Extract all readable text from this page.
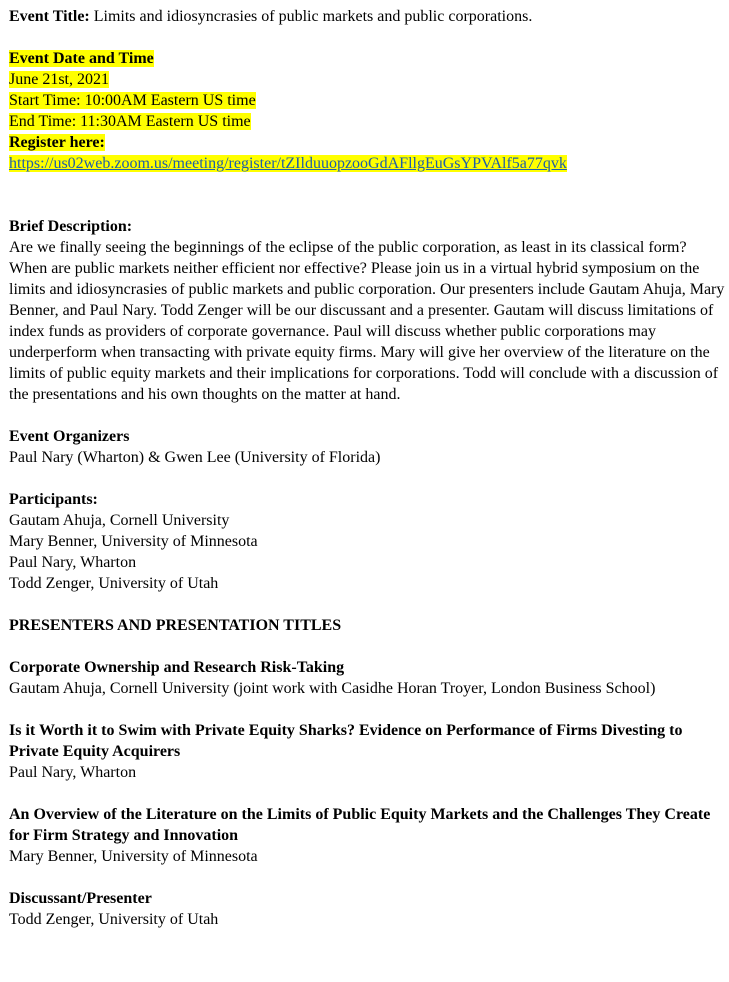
Event Title: Limits and idiosyncrasies of public markets and public corporations.
Event Date and Time
June 21st, 2021
Start Time: 10:00AM Eastern US time
End Time: 11:30AM Eastern US time
Register here:
https://us02web.zoom.us/meeting/register/tZIlduuopzooGdAFllgEuGsYPVAlf5a77qvk
Brief Description:
Are we finally seeing the beginnings of the eclipse of the public corporation, as least in its classical form? When are public markets neither efficient nor effective? Please join us in a virtual hybrid symposium on the limits and idiosyncrasies of public markets and public corporation. Our presenters include Gautam Ahuja, Mary Benner, and Paul Nary. Todd Zenger will be our discussant and a presenter. Gautam will discuss limitations of index funds as providers of corporate governance. Paul will discuss whether public corporations may underperform when transacting with private equity firms. Mary will give her overview of the literature on the limits of public equity markets and their implications for corporations. Todd will conclude with a discussion of the presentations and his own thoughts on the matter at hand.
Event Organizers
Paul Nary (Wharton) & Gwen Lee (University of Florida)
Participants:
Gautam Ahuja, Cornell University
Mary Benner, University of Minnesota
Paul Nary, Wharton
Todd Zenger, University of Utah
PRESENTERS AND PRESENTATION TITLES
Corporate Ownership and Research Risk-Taking
Gautam Ahuja, Cornell University (joint work with Casidhe Horan Troyer, London Business School)
Is it Worth it to Swim with Private Equity Sharks? Evidence on Performance of Firms Divesting to Private Equity Acquirers
Paul Nary, Wharton
An Overview of the Literature on the Limits of Public Equity Markets and the Challenges They Create for Firm Strategy and Innovation
Mary Benner, University of Minnesota
Discussant/Presenter
Todd Zenger, University of Utah
